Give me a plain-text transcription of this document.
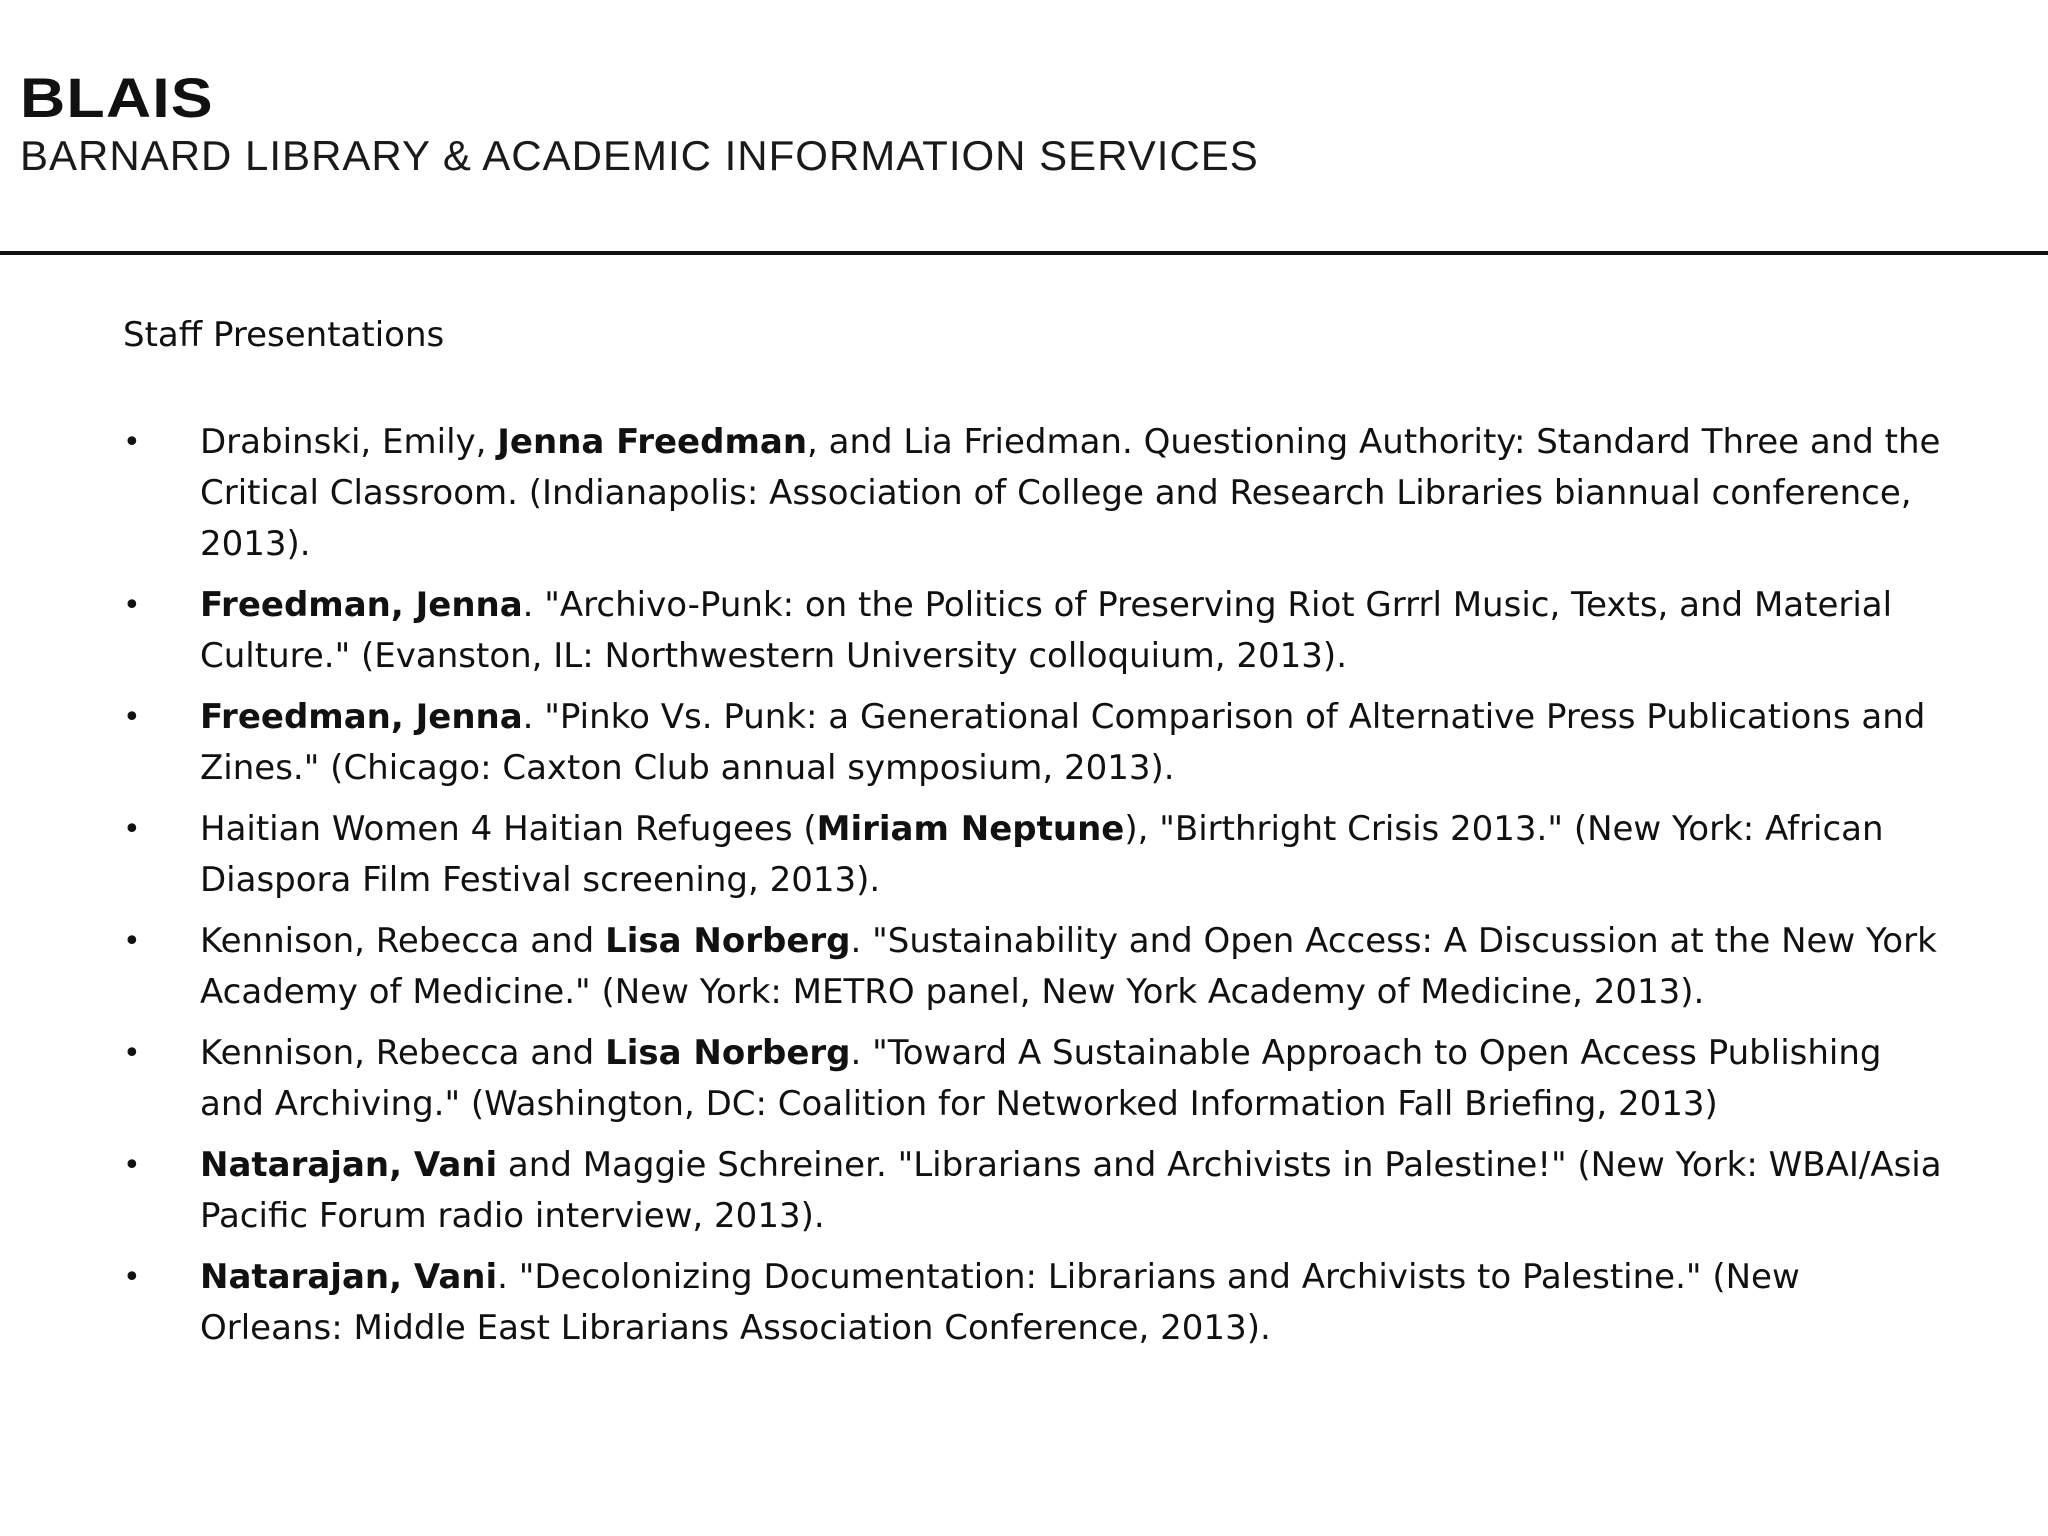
BLAIS
BARNARD LIBRARY & ACADEMIC INFORMATION SERVICES
Staff Presentations
• Drabinski, Emily, Jenna Freedman, and Lia Friedman. Questioning Authority: Standard Three and the Critical Classroom. (Indianapolis: Association of College and Research Libraries biannual conference, 2013).
• Freedman, Jenna. "Archivo-Punk: on the Politics of Preserving Riot Grrrl Music, Texts, and Material Culture." (Evanston, IL: Northwestern University colloquium, 2013).
• Freedman, Jenna. "Pinko Vs. Punk: a Generational Comparison of Alternative Press Publications and Zines." (Chicago: Caxton Club annual symposium, 2013).
• Haitian Women 4 Haitian Refugees (Miriam Neptune), "Birthright Crisis 2013." (New York: African Diaspora Film Festival screening, 2013).
• Kennison, Rebecca and Lisa Norberg. "Sustainability and Open Access: A Discussion at the New York Academy of Medicine." (New York: METRO panel, New York Academy of Medicine, 2013).
• Kennison, Rebecca and Lisa Norberg. "Toward A Sustainable Approach to Open Access Publishing and Archiving." (Washington, DC: Coalition for Networked Information Fall Briefing, 2013)
• Natarajan, Vani and Maggie Schreiner. "Librarians and Archivists in Palestine!" (New York: WBAI/Asia Pacific Forum radio interview, 2013).
• Natarajan, Vani. "Decolonizing Documentation: Librarians and Archivists to Palestine." (New Orleans: Middle East Librarians Association Conference, 2013).
